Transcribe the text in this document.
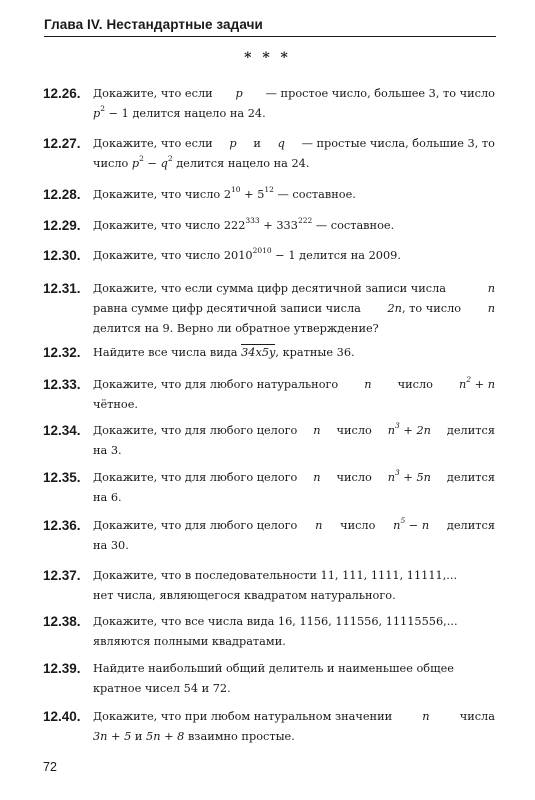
Глава IV. Нестандартные задачи
* * *
12.26. Докажите, что если p — простое число, большее 3, то число
$p^2 - 1$ делится нацело на 24.
12.27. Докажите, что если p и q — простые числа, большие 3, то
число $p^2 - q^2$ делится нацело на 24.
12.28. Докажите, что число $2^{10} + 5^{12}$ — составное.
12.29. Докажите, что число $222^{333} + 333^{222}$ — составное.
12.30. Докажите, что число $2010^{2010} - 1$ делится на 2009.
12.31. Докажите, что если сумма цифр десятичной записи числа	n
равна сумме цифр десятичной записи числа 2n, то число n
делится на 9. Верно ли обратное утверждение?
12.32. Найдите все числа вида 34x5y, кратные 36.
12.33. Докажите, что для любого натурального n число $n^2 + n$
чётное.
12.34. Докажите, что для любого целого n число $n^3 + 2n$ делится
на 3.
12.35. Докажите, что для любого целого n число $n^3 + 5n$ делится
на 6.
12.36. Докажите, что для любого целого n число $n^5 - n$ делится
на 30.
12.37. Докажите, что в последовательности 11, 111, 1111, 11111,...
нет числа, являющегося квадратом натурального.
12.38. Докажите, что все числа вида 16, 1156, 111556, 11115556,...
являются полными квадратами.
12.39. Найдите наибольший общий делитель и наименьшее общее
кратное чисел 54 и 72.
12.40. Докажите, что при любом натуральном значении	n	числа
3n + 5 и 5n + 8 взаимно простые.
72
